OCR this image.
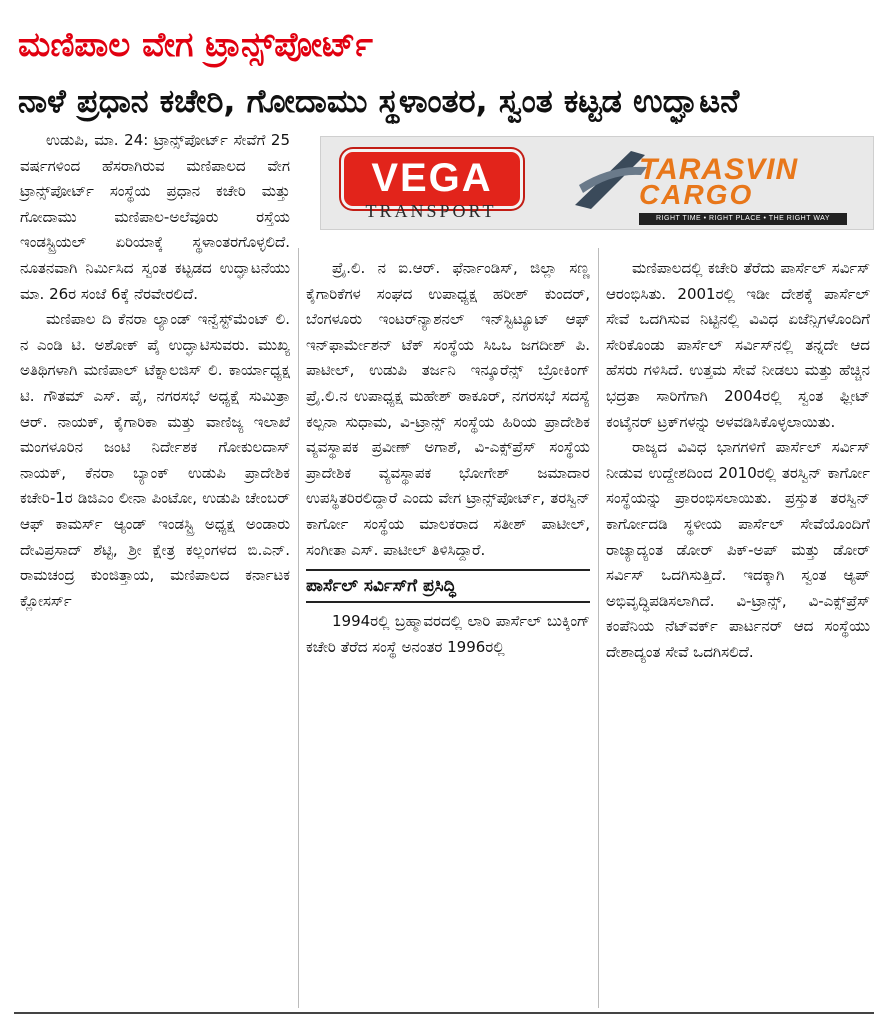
ಮಣಿಪಾಲ ವೇಗ ಟ್ರಾನ್ಸ್‌ಪೋರ್ಟ್
ನಾಳೆ ಪ್ರಧಾನ ಕಚೇರಿ, ಗೋದಾಮು ಸ್ಥಳಾಂತರ, ಸ್ವಂತ ಕಟ್ಟಡ ಉದ್ಘಾಟನೆ
VEGA
TRANSPORT
TARASVIN
CARGO
RIGHT TIME • RIGHT PLACE • THE RIGHT WAY

ಉಡುಪಿ, ಮಾ. 24: ಟ್ರಾನ್ಸ್‌ಪೋರ್ಟ್ ಸೇವೆಗೆ 25 ವರ್ಷಗಳಿಂದ ಹೆಸರಾಗಿರುವ ಮಣಿಪಾಲದ ವೇಗ ಟ್ರಾನ್ಸ್‌ಪೋರ್ಟ್ ಸಂಸ್ಥೆಯ ಪ್ರಧಾನ ಕಚೇರಿ ಮತ್ತು ಗೋದಾಮು ಮಣಿಪಾಲ-ಅಲೆವೂರು ರಸ್ತೆಯ ಇಂಡಸ್ಟ್ರಿಯಲ್ ಏರಿಯಾಕ್ಕೆ ಸ್ಥಳಾಂತರಗೊಳ್ಳಲಿದೆ. ನೂತನವಾಗಿ ನಿರ್ಮಿಸಿದ ಸ್ವಂತ ಕಟ್ಟಡದ ಉದ್ಘಾಟನೆಯು ಮಾ. 26ರ ಸಂಜೆ 6ಕ್ಕೆ ನೆರವೇರಲಿದೆ.

ಮಣಿಪಾಲ ದಿ ಕೆನರಾ ಲ್ಯಾಂಡ್ ಇನ್ವೆಸ್ಟ್‌ಮೆಂಟ್ ಲಿ. ನ ಎಂಡಿ ಟಿ. ಅಶೋಕ್ ಪೈ ಉದ್ಘಾಟಿಸುವರು. ಮುಖ್ಯ ಅತಿಥಿಗಳಾಗಿ ಮಣಿಪಾಲ್ ಟೆಕ್ನಾಲಜಿಸ್ ಲಿ. ಕಾರ್ಯಾಧ್ಯಕ್ಷ ಟಿ. ಗೌತಮ್ ಎಸ್. ಪೈ, ನಗರಸಭೆ ಅಧ್ಯಕ್ಷೆ ಸುಮಿತ್ರಾ ಆರ್. ನಾಯಕ್, ಕೈಗಾರಿಕಾ ಮತ್ತು ವಾಣಿಜ್ಯ ಇಲಾಖೆ ಮಂಗಳೂರಿನ ಜಂಟಿ ನಿರ್ದೇಶಕ ಗೋಕುಲದಾಸ್ ನಾಯಕ್, ಕೆನರಾ ಬ್ಯಾಂಕ್ ಉಡುಪಿ ಪ್ರಾದೇಶಿಕ ಕಚೇರಿ-1ರ ಡಿಜಿಎಂ ಲೀನಾ ಪಿಂಟೋ, ಉಡುಪಿ ಚೇಂಬರ್ ಆಫ್ ಕಾಮರ್ಸ್ ಆ್ಯಂಡ್ ಇಂಡಸ್ಟ್ರಿ ಅಧ್ಯಕ್ಷ ಅಂಡಾರು ದೇವಿಪ್ರಸಾದ್ ಶೆಟ್ಟಿ, ಶ್ರೀ ಕ್ಷೇತ್ರ ಕಲ್ಲಂಗಳದ ಬಿ.ಎನ್. ರಾಮಚಂದ್ರ ಕುಂಜಿತ್ತಾಯ, ಮಣಿಪಾಲದ ಕರ್ನಾಟಕ ಕ್ಲೋಸರ್ಸ್

ಪ್ರೈ.ಲಿ. ನ ಐ.ಆರ್. ಫೆರ್ನಾಂಡಿಸ್, ಜಿಲ್ಲಾ ಸಣ್ಣ ಕೈಗಾರಿಕೆಗಳ ಸಂಘದ ಉಪಾಧ್ಯಕ್ಷ ಹರೀಶ್ ಕುಂದರ್, ಬೆಂಗಳೂರು ಇಂಟರ್‌ನ್ಯಾಶನಲ್ ಇನ್‌ಸ್ಟಿಟ್ಯೂಟ್ ಆಫ್ ಇನ್‌ಫಾರ್ಮೇಶನ್ ಟೆಕ್ ಸಂಸ್ಥೆಯ ಸಿಒಒ ಜಗದೀಶ್ ಪಿ. ಪಾಟೀಲ್, ಉಡುಪಿ ತರ್ಜನಿ ಇನ್ಶೂರೆನ್ಸ್ ಬ್ರೋಕಿಂಗ್ ಪ್ರೈ.ಲಿ.ನ ಉಪಾಧ್ಯಕ್ಷ ಮಹೇಶ್ ಠಾಕೂರ್, ನಗರಸಭೆ ಸದಸ್ಯೆ ಕಲ್ಪನಾ ಸುಧಾಮ, ವಿ-ಟ್ರಾನ್ಸ್ ಸಂಸ್ಥೆಯ ಹಿರಿಯ ಪ್ರಾದೇಶಿಕ ವ್ಯವಸ್ಥಾಪಕ ಪ್ರವೀಣ್ ಅಗಾಶೆ, ವಿ-ಎಕ್ಸ್‌ಪ್ರೆಸ್ ಸಂಸ್ಥೆಯ ಪ್ರಾದೇಶಿಕ ವ್ಯವಸ್ಥಾಪಕ ಭೋಗೇಶ್ ಜಮಾದಾರ ಉಪಸ್ಥಿತರಿರಲಿದ್ದಾರೆ ಎಂದು ವೇಗ ಟ್ರಾನ್ಸ್‌ಪೋರ್ಟ್, ತರಸ್ವಿನ್ ಕಾರ್ಗೋ ಸಂಸ್ಥೆಯ ಮಾಲಕರಾದ ಸತೀಶ್ ಪಾಟೀಲ್, ಸಂಗೀತಾ ಎಸ್. ಪಾಟೀಲ್ ತಿಳಿಸಿದ್ದಾರೆ.

ಪಾರ್ಸೆಲ್ ಸರ್ವಿಸ್‌ಗೆ ಪ್ರಸಿದ್ಧಿ

1994ರಲ್ಲಿ ಬ್ರಹ್ಮಾವರದಲ್ಲಿ ಲಾರಿ ಪಾರ್ಸೆಲ್ ಬುಕ್ಕಿಂಗ್ ಕಚೇರಿ ತೆರೆದ ಸಂಸ್ಥೆ ಅನಂತರ 1996ರಲ್ಲಿ

ಮಣಿಪಾಲದಲ್ಲಿ ಕಚೇರಿ ತೆರೆದು ಪಾರ್ಸೆಲ್ ಸರ್ವಿಸ್ ಆರಂಭಿಸಿತು. 2001ರಲ್ಲಿ ಇಡೀ ದೇಶಕ್ಕೆ ಪಾರ್ಸೆಲ್ ಸೇವೆ ಒದಗಿಸುವ ನಿಟ್ಟಿನಲ್ಲಿ ವಿವಿಧ ಏಜೆನ್ಸಿಗಳೊಂದಿಗೆ ಸೇರಿಕೊಂಡು ಪಾರ್ಸೆಲ್ ಸರ್ವಿಸ್‌ನಲ್ಲಿ ತನ್ನದೇ ಆದ ಹೆಸರು ಗಳಿಸಿದೆ. ಉತ್ತಮ ಸೇವೆ ನೀಡಲು ಮತ್ತು ಹೆಚ್ಚಿನ ಭದ್ರತಾ ಸಾರಿಗೆಗಾಗಿ 2004ರಲ್ಲಿ ಸ್ವಂತ ಫ್ಲೀಟ್ ಕಂಟೈನರ್ ಟ್ರಕ್‌ಗಳನ್ನು ಅಳವಡಿಸಿಕೊಳ್ಳಲಾಯಿತು.

ರಾಜ್ಯದ ವಿವಿಧ ಭಾಗಗಳಿಗೆ ಪಾರ್ಸೆಲ್ ಸರ್ವಿಸ್ ನೀಡುವ ಉದ್ದೇಶದಿಂದ 2010ರಲ್ಲಿ ತರಸ್ವಿನ್ ಕಾರ್ಗೋ ಸಂಸ್ಥೆಯನ್ನು ಪ್ರಾರಂಭಿಸಲಾಯಿತು. ಪ್ರಸ್ತುತ ತರಸ್ವಿನ್ ಕಾರ್ಗೋದಡಿ ಸ್ಥಳೀಯ ಪಾರ್ಸೆಲ್ ಸೇವೆಯೊಂದಿಗೆ ರಾಜ್ಯಾದ್ಯಂತ ಡೋರ್ ಪಿಕ್-ಅಪ್ ಮತ್ತು ಡೋರ್ ಸರ್ವಿಸ್ ಒದಗಿಸುತ್ತಿದೆ. ಇದಕ್ಕಾಗಿ ಸ್ವಂತ ಆ್ಯಪ್ ಅಭಿವೃದ್ಧಿಪಡಿಸಲಾಗಿದೆ. ವಿ-ಟ್ರಾನ್ಸ್, ವಿ-ಎಕ್ಸ್‌ಪ್ರೆಸ್ ಕಂಪೆನಿಯ ನೆಟ್‌ವರ್ಕ್ ಪಾರ್ಟನರ್ ಆದ ಸಂಸ್ಥೆಯು ದೇಶಾದ್ಯಂತ ಸೇವೆ ಒದಗಿಸಲಿದೆ.
